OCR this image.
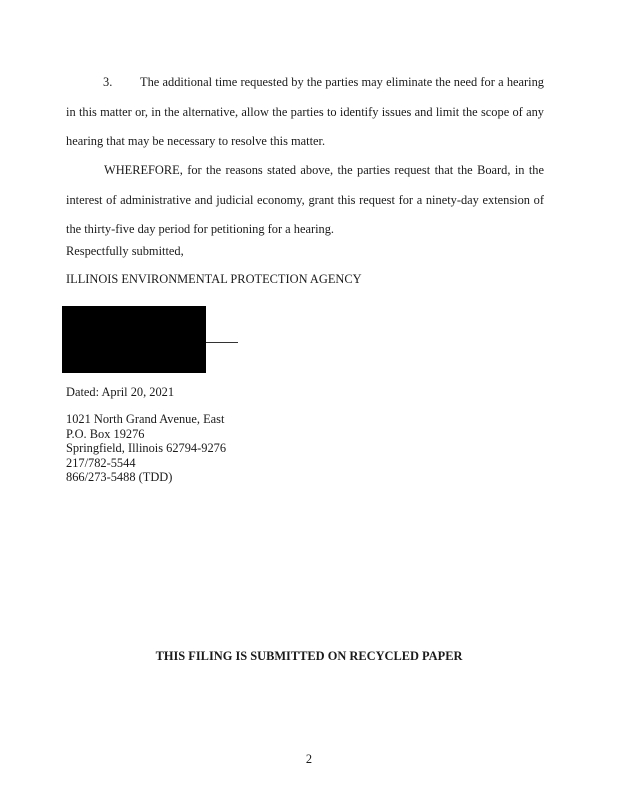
3. The additional time requested by the parties may eliminate the need for a hearing in this matter or, in the alternative, allow the parties to identify issues and limit the scope of any hearing that may be necessary to resolve this matter.

WHEREFORE, for the reasons stated above, the parties request that the Board, in the interest of administrative and judicial economy, grant this request for a ninety-day extension of the thirty-five day period for petitioning for a hearing.

Respectfully submitted,

ILLINOIS ENVIRONMENTAL PROTECTION AGENCY

Dated: April 20, 2021

1021 North Grand Avenue, East
P.O. Box 19276
Springfield, Illinois 62794-9276
217/782-5544
866/273-5488 (TDD)

THIS FILING IS SUBMITTED ON RECYCLED PAPER

2
